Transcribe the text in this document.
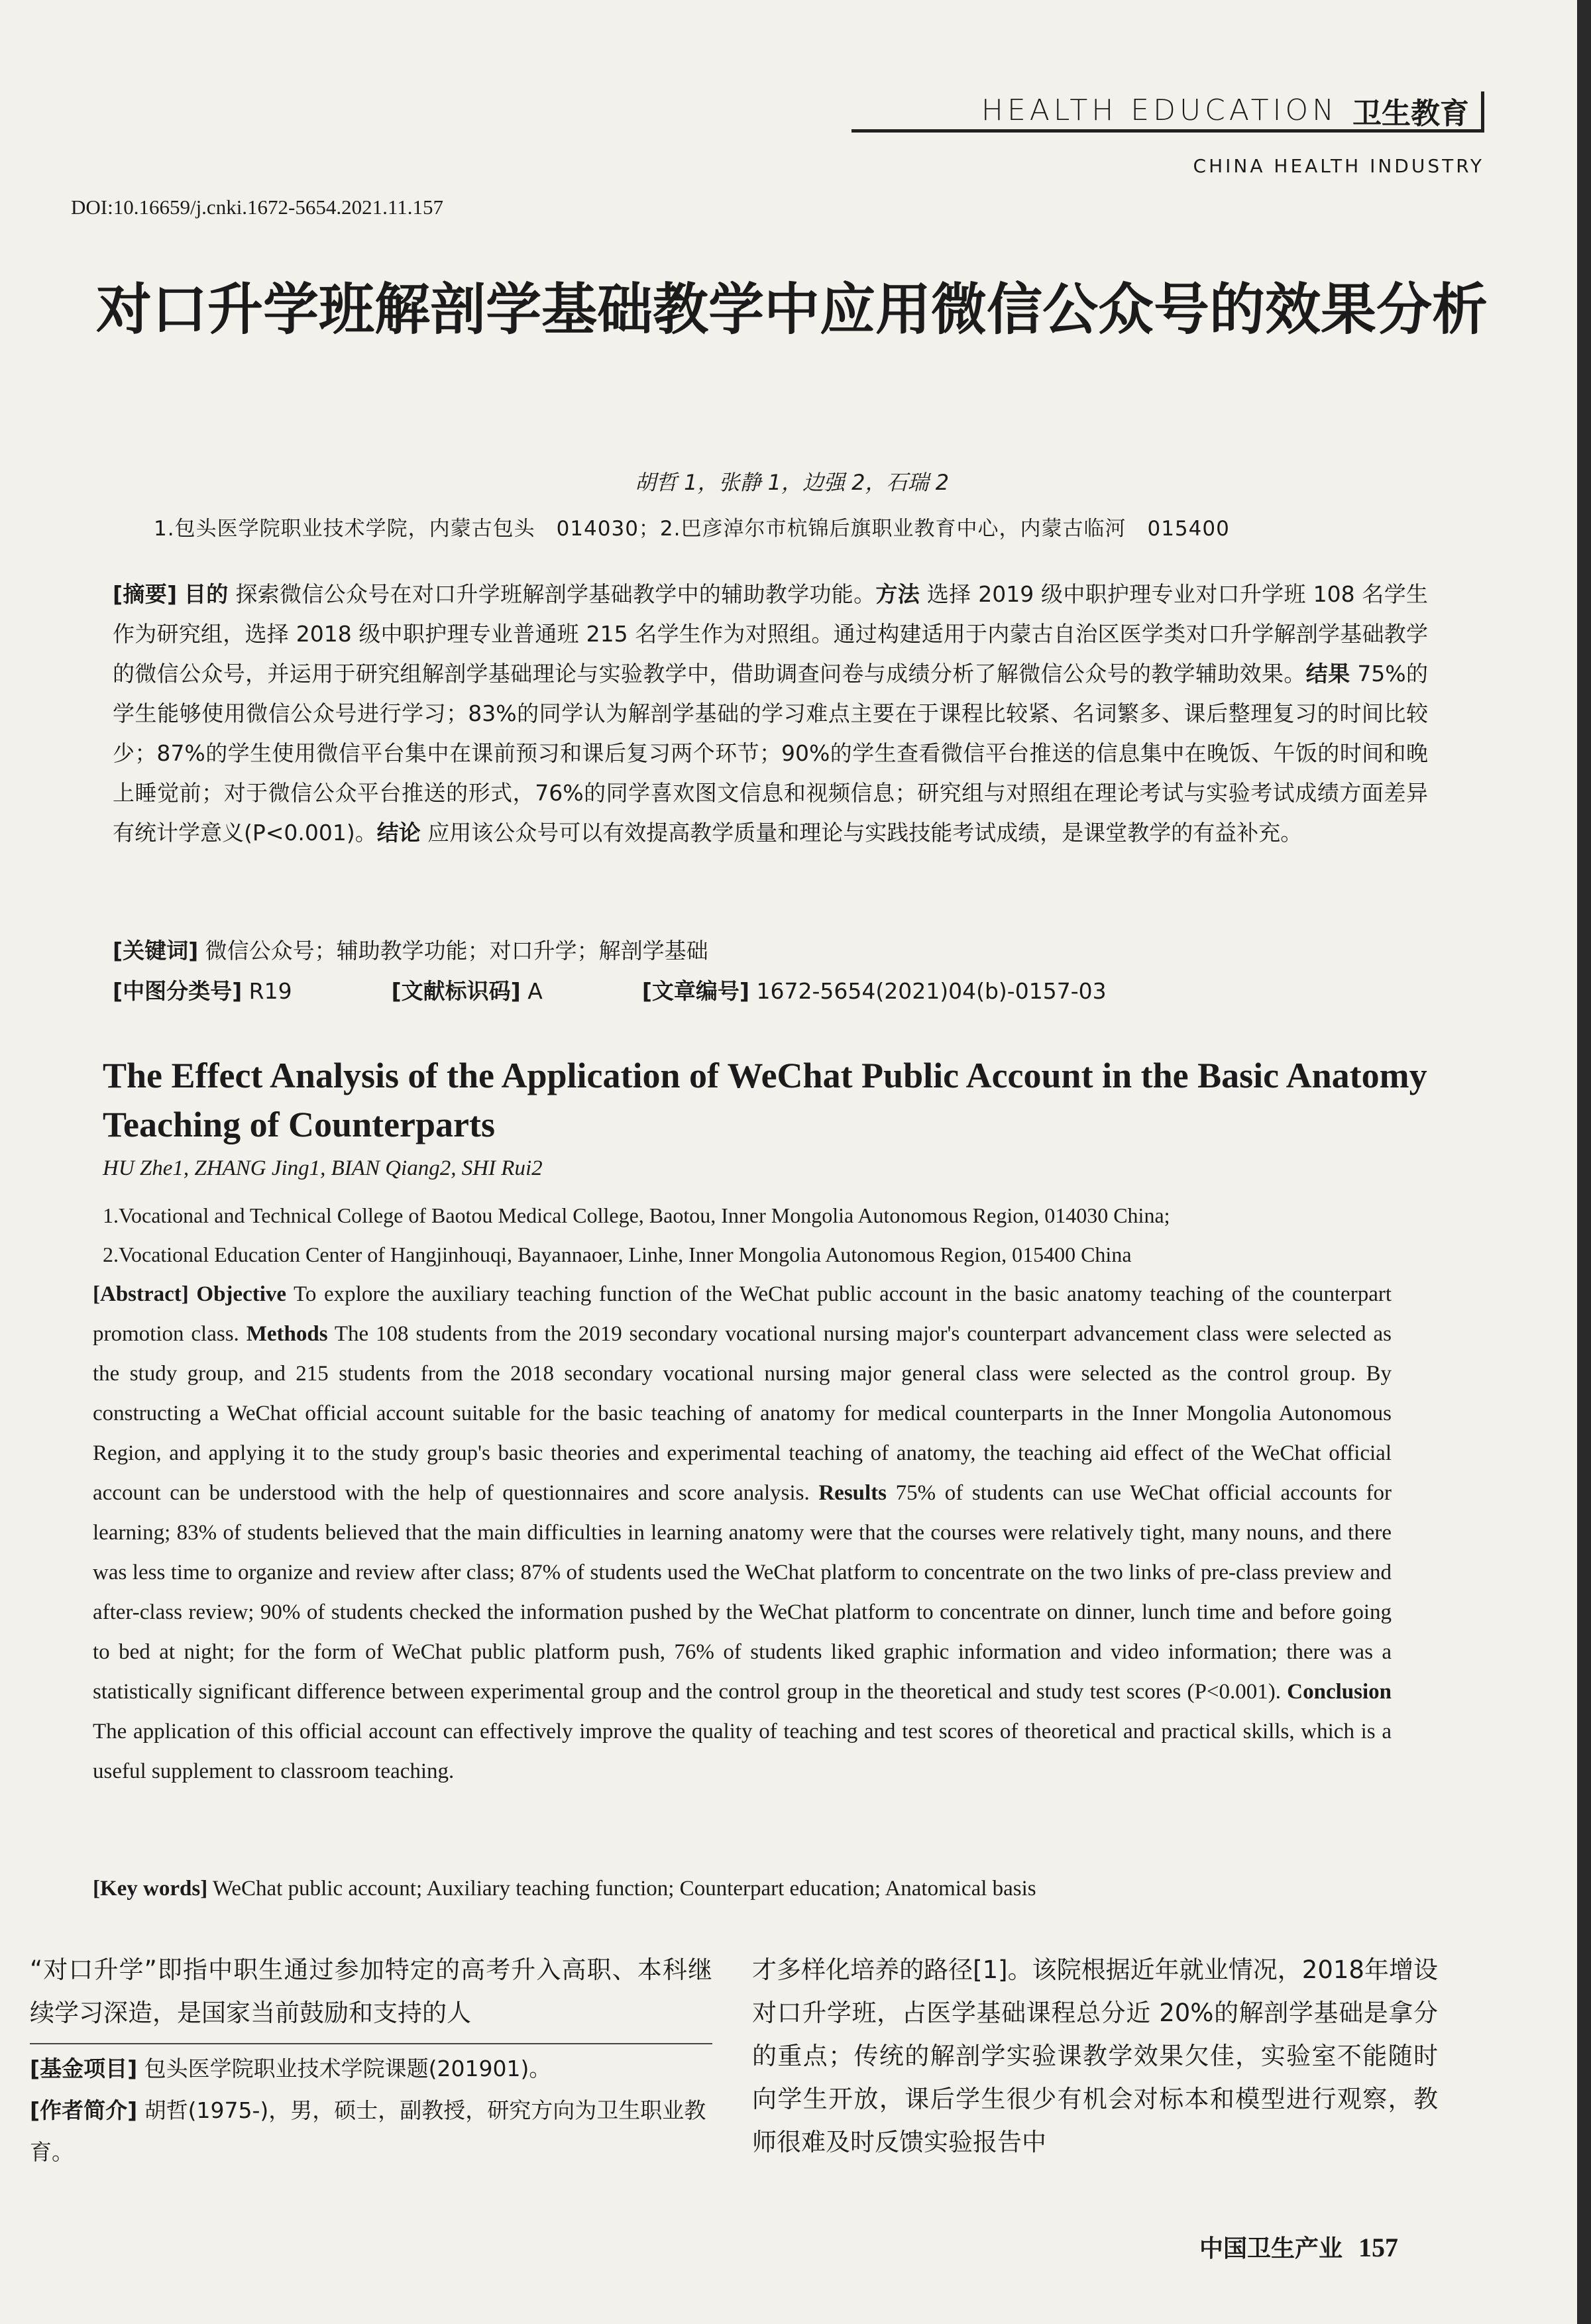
HEALTH EDUCATION 卫生教育
CHINA HEALTH INDUSTRY
DOI:10.16659/j.cnki.1672-5654.2021.11.157
对口升学班解剖学基础教学中应用微信公众号的效果分析
胡哲 1，张静 1，边强 2，石瑞 2
1.包头医学院职业技术学院，内蒙古包头　014030；2.巴彦淖尔市杭锦后旗职业教育中心，内蒙古临河　015400
[摘要] 目的 探索微信公众号在对口升学班解剖学基础教学中的辅助教学功能。方法 选择 2019 级中职护理专业对口升学班 108 名学生作为研究组，选择 2018 级中职护理专业普通班 215 名学生作为对照组。通过构建适用于内蒙古自治区医学类对口升学解剖学基础教学的微信公众号，并运用于研究组解剖学基础理论与实验教学中，借助调查问卷与成绩分析了解微信公众号的教学辅助效果。结果 75%的学生能够使用微信公众号进行学习；83%的同学认为解剖学基础的学习难点主要在于课程比较紧、名词繁多、课后整理复习的时间比较少；87%的学生使用微信平台集中在课前预习和课后复习两个环节；90%的学生查看微信平台推送的信息集中在晚饭、午饭的时间和晚上睡觉前；对于微信公众平台推送的形式，76%的同学喜欢图文信息和视频信息；研究组与对照组在理论考试与实验考试成绩方面差异有统计学意义(P<0.001)。结论 应用该公众号可以有效提高教学质量和理论与实践技能考试成绩，是课堂教学的有益补充。
[关键词] 微信公众号；辅助教学功能；对口升学；解剖学基础
[中图分类号] R19	[文献标识码] A	[文章编号] 1672-5654(2021)04(b)-0157-03
The Effect Analysis of the Application of WeChat Public Account in the Basic Anatomy Teaching of Counterparts
HU Zhe1, ZHANG Jing1, BIAN Qiang2, SHI Rui2
1.Vocational and Technical College of Baotou Medical College, Baotou, Inner Mongolia Autonomous Region, 014030 China;
2.Vocational Education Center of Hangjinhouqi, Bayannaoer, Linhe, Inner Mongolia Autonomous Region, 015400 China
[Abstract] Objective To explore the auxiliary teaching function of the WeChat public account in the basic anatomy teaching of the counterpart promotion class. Methods The 108 students from the 2019 secondary vocational nursing major's counterpart advancement class were selected as the study group, and 215 students from the 2018 secondary vocational nursing major general class were selected as the control group. By constructing a WeChat official account suitable for the basic teaching of anatomy for medical counterparts in the Inner Mongolia Autonomous Region, and applying it to the study group's basic theories and experimental teaching of anatomy, the teaching aid effect of the WeChat official account can be understood with the help of questionnaires and score analysis. Results 75% of students can use WeChat official accounts for learning; 83% of students believed that the main difficulties in learning anatomy were that the courses were relatively tight, many nouns, and there was less time to organize and review after class; 87% of students used the WeChat platform to concentrate on the two links of pre-class preview and after-class review; 90% of students checked the information pushed by the WeChat platform to concentrate on dinner, lunch time and before going to bed at night; for the form of WeChat public platform push, 76% of students liked graphic information and video information; there was a statistically significant difference between experimental group and the control group in the theoretical and study test scores (P<0.001). Conclusion The application of this official account can effectively improve the quality of teaching and test scores of theoretical and practical skills, which is a useful supplement to classroom teaching.
[Key words] WeChat public account; Auxiliary teaching function; Counterpart education; Anatomical basis
“对口升学”即指中职生通过参加特定的高考升入高职、本科继续学习深造，是国家当前鼓励和支持的人
[基金项目] 包头医学院职业技术学院课题(201901)。
[作者简介] 胡哲(1975-)，男，硕士，副教授，研究方向为卫生职业教育。
才多样化培养的路径[1]。该院根据近年就业情况，2018年增设对口升学班，占医学基础课程总分近 20%的解剖学基础是拿分的重点；传统的解剖学实验课教学效果欠佳，实验室不能随时向学生开放，课后学生很少有机会对标本和模型进行观察，教师很难及时反馈实验报告中
中国卫生产业 157
